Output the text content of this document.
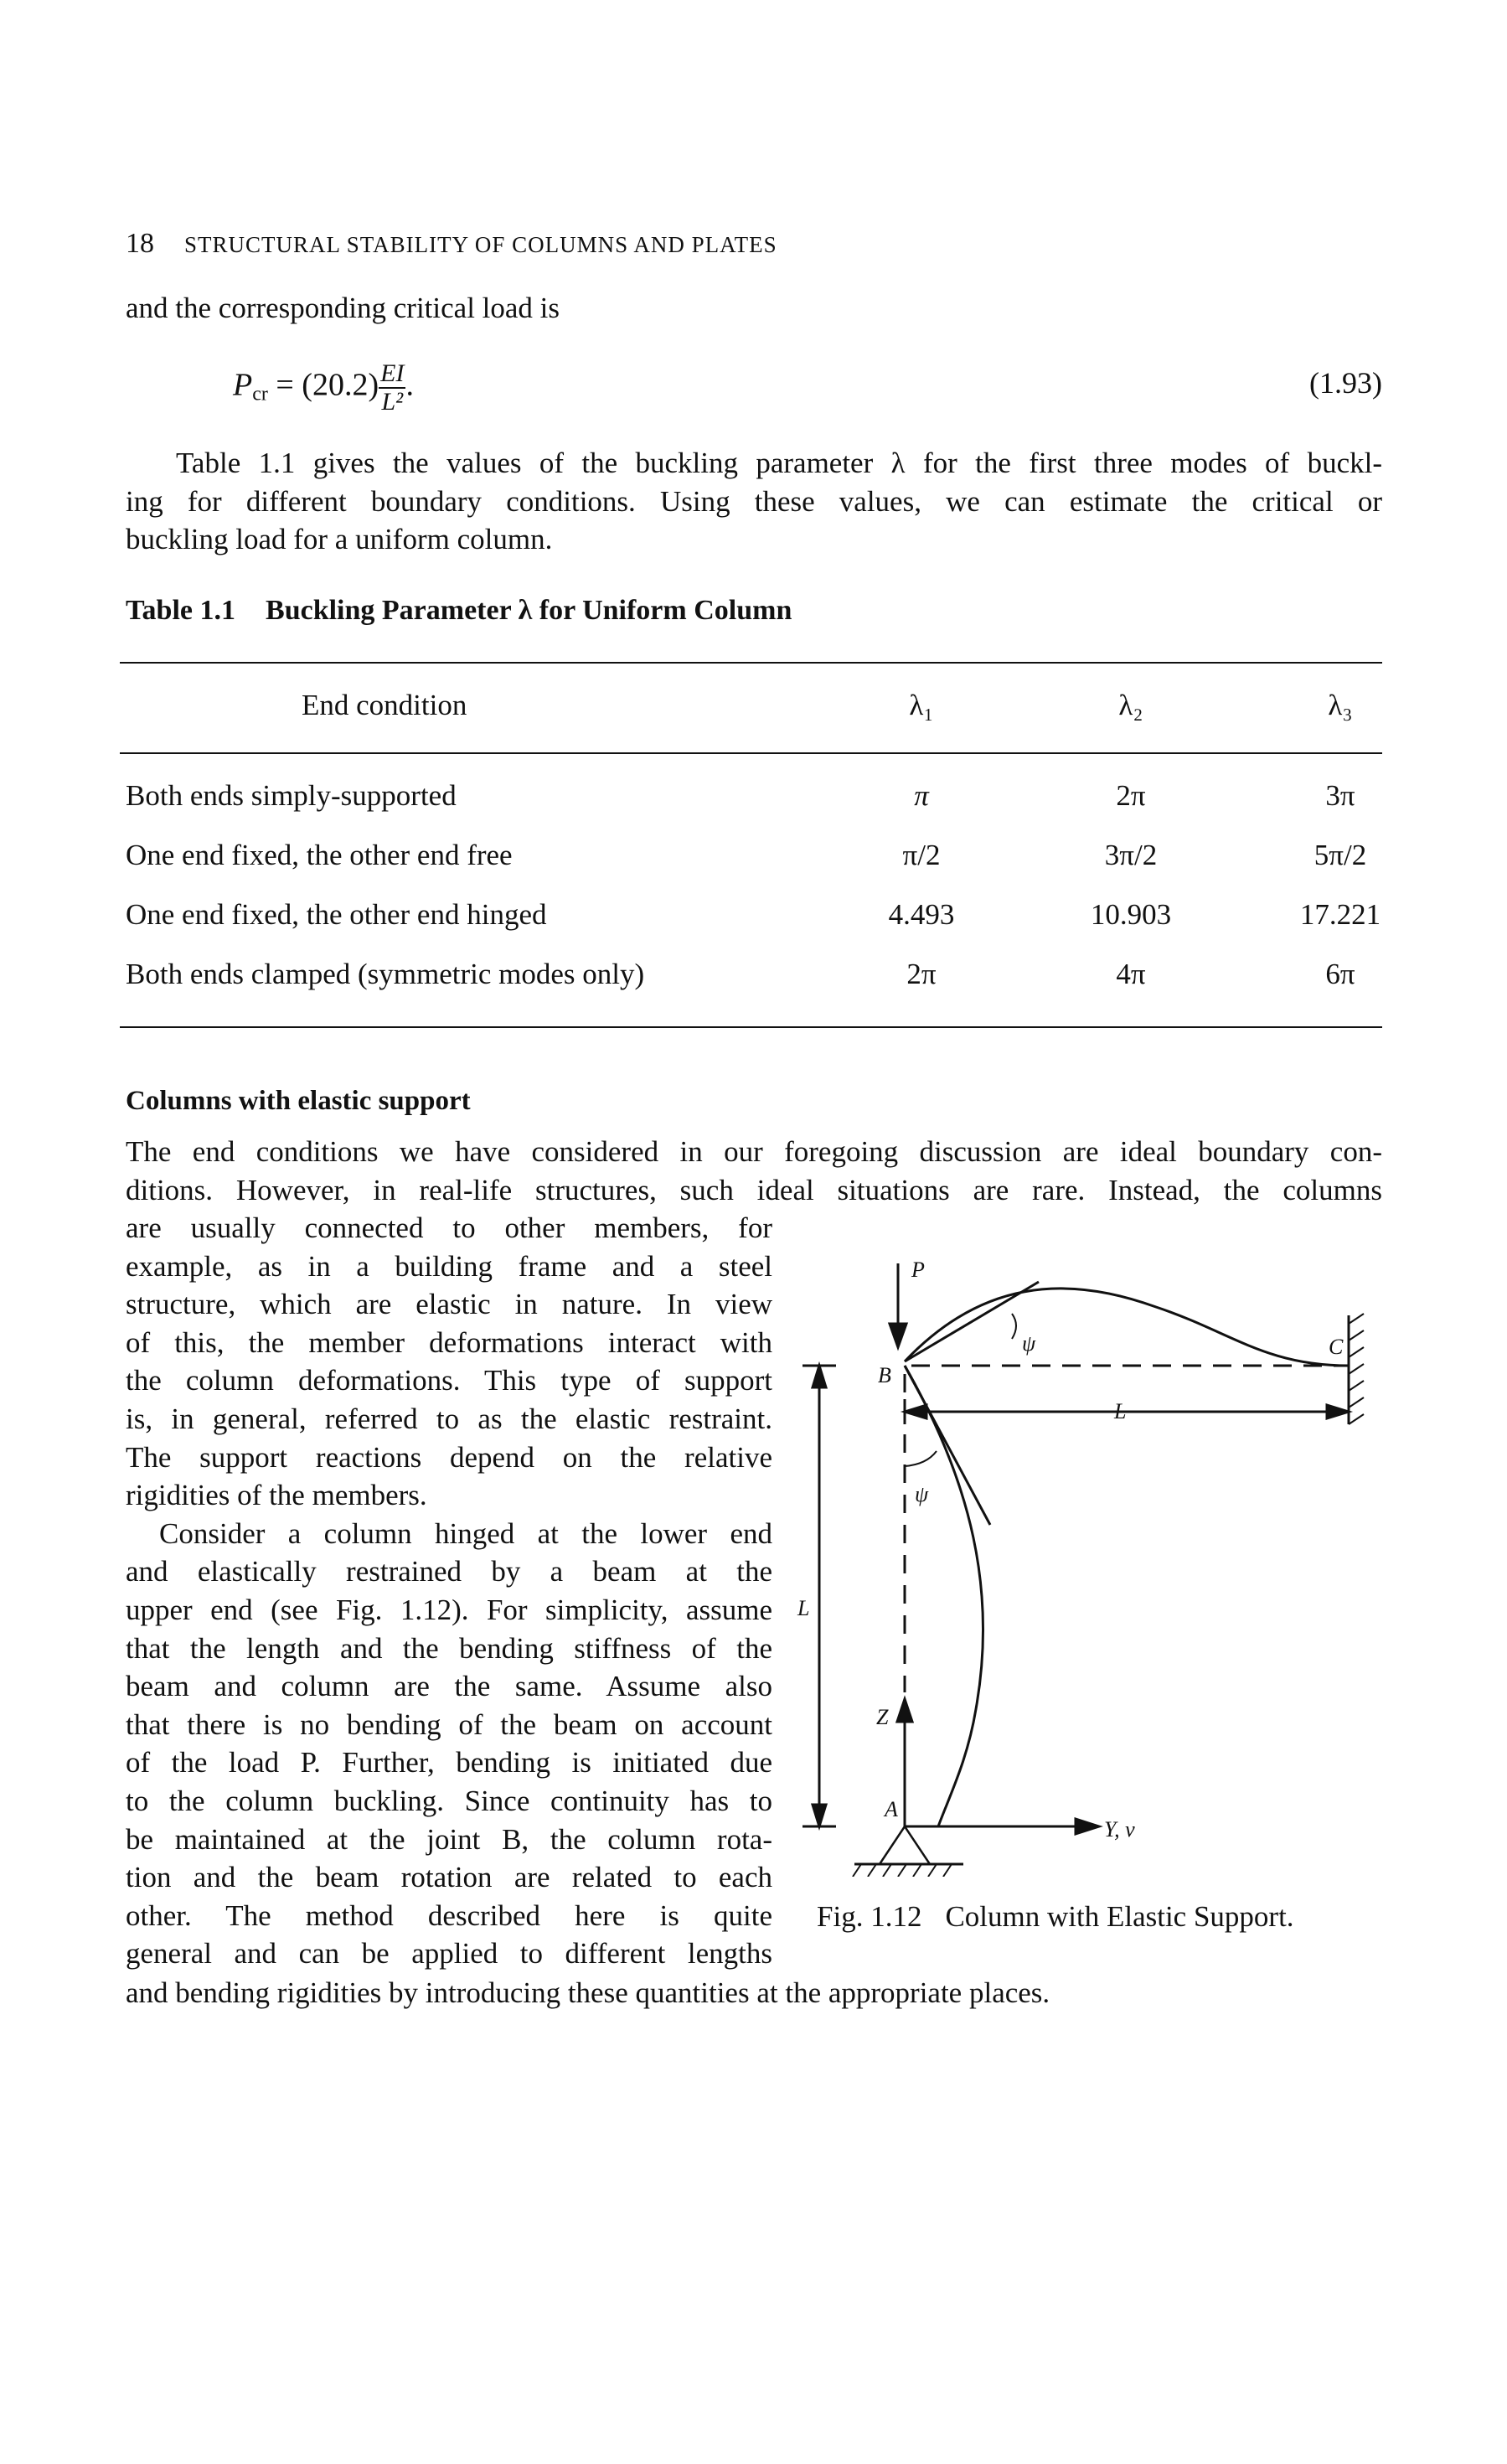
18 STRUCTURAL STABILITY OF COLUMNS AND PLATES
and the corresponding critical load is
$P_{cr} = (20.2) \frac{EI}{\text{L²}}$ .	(1.93)
Table 1.1 gives the values of the buckling parameter λ for the first three modes of buckl-
ing for different boundary conditions. Using these values, we can estimate the critical or
buckling load for a uniform column.
Table 1.1 Buckling Parameter λ for Uniform Column
End condition	λ₁	λ₂	λ₃
Both ends simply-supported	π	2π	3π
One end fixed, the other end free	π/2	3π/2	5π/2
One end fixed, the other end hinged	4.493	10.903	17.221
Both ends clamped (symmetric modes only)	2π	4π	6π
Columns with elastic support
The end conditions we have considered in our foregoing discussion are ideal boundary con-
ditions. However, in real-life structures, such ideal situations are rare. Instead, the columns
are usually connected to other members, for
example, as in a building frame and a steel
structure, which are elastic in nature. In view
of this, the member deformations interact with
the column deformations. This type of support
is, in general, referred to as the elastic restraint.
The support reactions depend on the relative
rigidities of the members.
Consider a column hinged at the lower end
and elastically restrained by a beam at the
upper end (see Fig. 1.12). For simplicity, assume
that the length and the bending stiffness of the
beam and column are the same. Assume also
that there is no bending of the beam on account
of the load P. Further, bending is initiated due
to the column buckling. Since continuity has to
be maintained at the joint B, the column rota-
tion and the beam rotation are related to each
other. The method described here is quite
general and can be applied to different lengths
and bending rigidities by introducing these quantities at the appropriate places.
P
ψ	C
B
L
ψ
L
Z
A
Y, v
Fig. 1.12 Column with Elastic Support.
